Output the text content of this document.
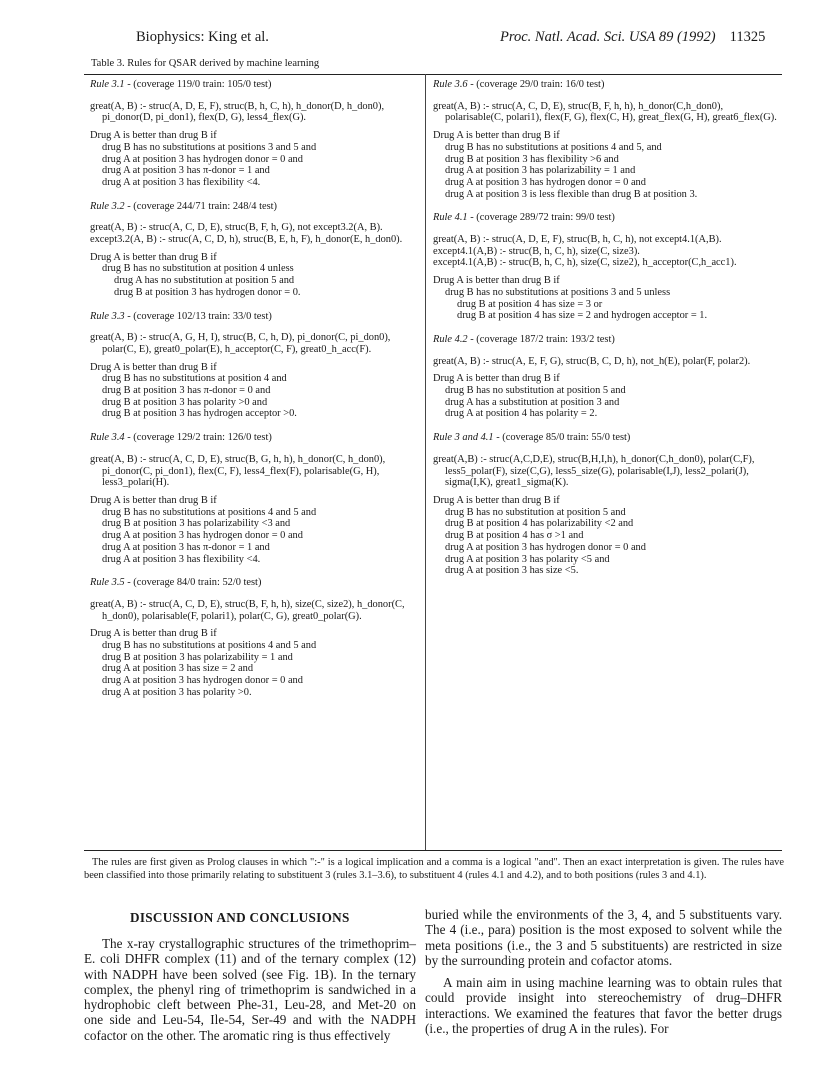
Biophysics: King et al.	Proc. Natl. Acad. Sci. USA 89 (1992) 11325
Table 3. Rules for QSAR derived by machine learning
Rule 3.1 - (coverage 119/0 train: 105/0 test)
great(A, B) :- struc(A, D, E, F), struc(B, h, C, h), h_donor(D, h_don0), pi_donor(D, pi_don1), flex(D, G), less4_flex(G).
Drug A is better than drug B if
drug B has no substitutions at positions 3 and 5 and
drug A at position 3 has hydrogen donor = 0 and
drug A at position 3 has π-donor = 1 and
drug A at position 3 has flexibility <4.
Rule 3.2 - (coverage 244/71 train: 248/4 test)
great(A, B) :- struc(A, C, D, E), struc(B, F, h, G), not except3.2(A, B).
except3.2(A, B) :- struc(A, C, D, h), struc(B, E, h, F), h_donor(E, h_don0).
Drug A is better than drug B if
drug B has no substitution at position 4 unless
drug A has no substitution at position 5 and
drug B at position 3 has hydrogen donor = 0.
Rule 3.3 - (coverage 102/13 train: 33/0 test)
great(A, B) :- struc(A, G, H, I), struc(B, C, h, D), pi_donor(C, pi_don0), polar(C, E), great0_polar(E), h_acceptor(C, F), great0_h_acc(F).
Drug A is better than drug B if
drug B has no substitutions at position 4 and
drug B at position 3 has π-donor = 0 and
drug B at position 3 has polarity >0 and
drug B at position 3 has hydrogen acceptor >0.
Rule 3.4 - (coverage 129/2 train: 126/0 test)
great(A, B) :- struc(A, C, D, E), struc(B, G, h, h), h_donor(C, h_don0), pi_donor(C, pi_don1), flex(C, F), less4_flex(F), polarisable(G, H), less3_polari(H).
Drug A is better than drug B if
drug B has no substitutions at positions 4 and 5 and
drug B at position 3 has polarizability <3 and
drug A at position 3 has hydrogen donor = 0 and
drug A at position 3 has π-donor = 1 and
drug A at position 3 has flexibility <4.
Rule 3.5 - (coverage 84/0 train: 52/0 test)
great(A, B) :- struc(A, C, D, E), struc(B, F, h, h), size(C, size2), h_donor(C, h_don0), polarisable(F, polari1), polar(C, G), great0_polar(G).
Drug A is better than drug B if
drug B has no substitutions at positions 4 and 5 and
drug B at position 3 has polarizability = 1 and
drug A at position 3 has size = 2 and
drug A at position 3 has hydrogen donor = 0 and
drug A at position 3 has polarity >0.
Rule 3.6 - (coverage 29/0 train: 16/0 test)
great(A, B) :- struc(A, C, D, E), struc(B, F, h, h), h_donor(C,h_don0), polarisable(C, polari1), flex(F, G), flex(C, H), great_flex(G, H), great6_flex(G).
Drug A is better than drug B if
drug B has no substitutions at positions 4 and 5, and
drug B at position 3 has flexibility >6 and
drug A at position 3 has polarizability = 1 and
drug A at position 3 has hydrogen donor = 0 and
drug A at position 3 is less flexible than drug B at position 3.
Rule 4.1 - (coverage 289/72 train: 99/0 test)
great(A, B) :- struc(A, D, E, F), struc(B, h, C, h), not except4.1(A,B).
except4.1(A,B) :- struc(B, h, C, h), size(C, size3).
except4.1(A,B) :- struc(B, h, C, h), size(C, size2), h_acceptor(C,h_acc1).
Drug A is better than drug B if
drug B has no substitutions at positions 3 and 5 unless
drug B at position 4 has size = 3 or
drug B at position 4 has size = 2 and hydrogen acceptor = 1.
Rule 4.2 - (coverage 187/2 train: 193/2 test)
great(A, B) :- struc(A, E, F, G), struc(B, C, D, h), not_h(E), polar(F, polar2).
Drug A is better than drug B if
drug B has no substitution at position 5 and
drug A has a substitution at position 3 and
drug A at position 4 has polarity = 2.
Rule 3 and 4.1 - (coverage 85/0 train: 55/0 test)
great(A,B) :- struc(A,C,D,E), struc(B,H,I,h), h_donor(C,h_don0), polar(C,F), less5_polar(F), size(C,G), less5_size(G), polarisable(I,J), less2_polari(J), sigma(I,K), great1_sigma(K).
Drug A is better than drug B if
drug B has no substitution at position 5 and
drug B at position 4 has polarizability <2 and
drug B at position 4 has σ >1 and
drug A at position 3 has hydrogen donor = 0 and
drug A at position 3 has polarity <5 and
drug A at position 3 has size <5.
The rules are first given as Prolog clauses in which ":-" is a logical implication and a comma is a logical "and". Then an exact interpretation is given. The rules have been classified into those primarily relating to substituent 3 (rules 3.1–3.6), to substituent 4 (rules 4.1 and 4.2), and to both positions (rules 3 and 4.1).
DISCUSSION AND CONCLUSIONS

The x-ray crystallographic structures of the trimethoprim–E. coli DHFR complex (11) and of the ternary complex (12) with NADPH have been solved (see Fig. 1B). In the ternary complex, the phenyl ring of trimethoprim is sandwiched in a hydrophobic cleft between Phe-31, Leu-28, and Met-20 on one side and Leu-54, Ile-54, Ser-49 and with the NADPH cofactor on the other. The aromatic ring is thus effectively

buried while the environments of the 3, 4, and 5 substituents vary. The 4 (i.e., para) position is the most exposed to solvent while the meta positions (i.e., the 3 and 5 substituents) are restricted in size by the surrounding protein and cofactor atoms.

A main aim in using machine learning was to obtain rules that could provide insight into stereochemistry of drug–DHFR interactions. We examined the features that favor the better drugs (i.e., the properties of drug A in the rules). For
